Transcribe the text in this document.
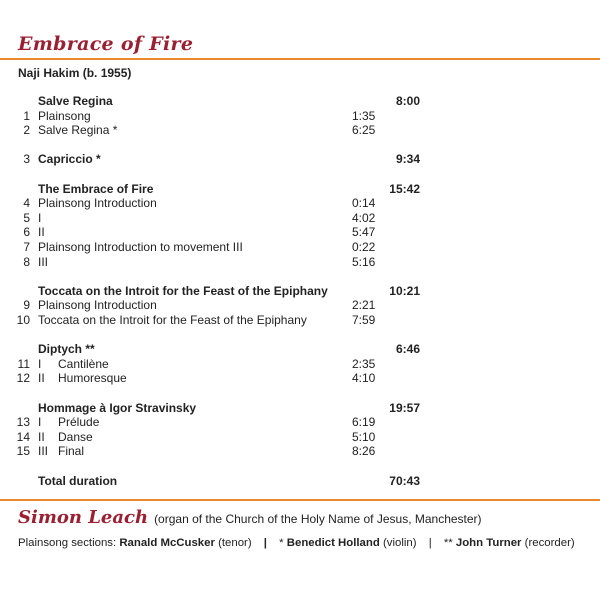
Embrace of Fire
Naji Hakim (b. 1955)
Salve Regina	8:00
1 Plainsong	1:35
2 Salve Regina *	6:25
3 Capriccio *	9:34
The Embrace of Fire	15:42
4 Plainsong Introduction	0:14
5 I	4:02
6 II	5:47
7 Plainsong Introduction to movement III	0:22
8 III	5:16
Toccata on the Introit for the Feast of the Epiphany	10:21
9 Plainsong Introduction	2:21
10 Toccata on the Introit for the Feast of the Epiphany	7:59
Diptych **	6:46
11 I Cantilène	2:35
12 II Humoresque	4:10
Hommage à Igor Stravinsky	19:57
13 I Prélude	6:19
14 II Danse	5:10
15 III Final	8:26
Total duration	70:43
Simon Leach (organ of the Church of the Holy Name of Jesus, Manchester)
Plainsong sections: Ranald McCusker (tenor) | * Benedict Holland (violin) | ** John Turner (recorder)
